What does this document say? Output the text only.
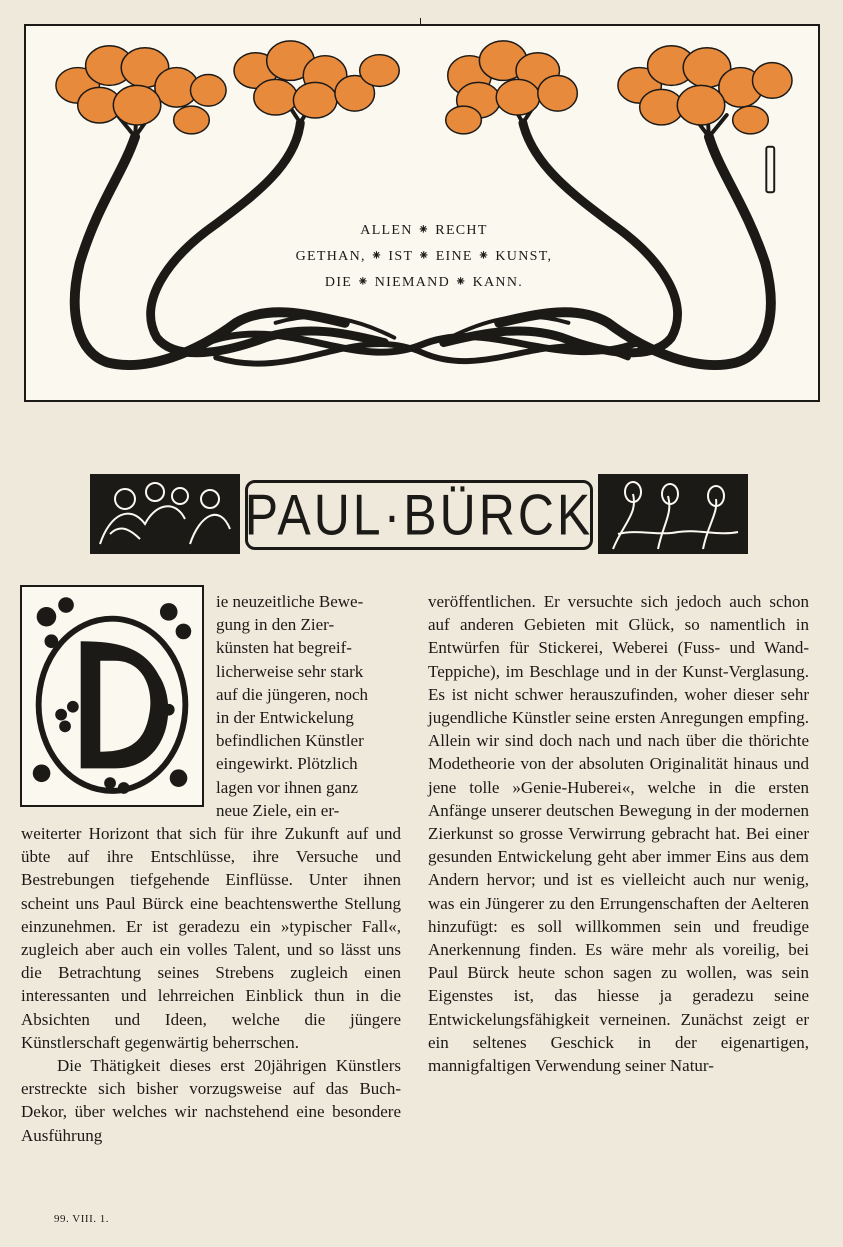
ALLEN ⁕ RECHT
GETHAN, ⁕ IST ⁕ EINE ⁕ KUNST,
DIE ⁕ NIEMAND ⁕ KANN.
PAUL·BÜRCK
ie neuzeitliche Bewe-
gung in den Zier-
künsten hat begreif-
licherweise sehr stark
auf die jüngeren, noch
in der Entwickelung
befindlichen Künstler
eingewirkt. Plötzlich
lagen vor ihnen ganz
neue Ziele, ein er-

weiterter Horizont that sich für ihre Zukunft auf und übte auf ihre Entschlüsse, ihre Versuche und Bestrebungen tiefgehende Einflüsse. Unter ihnen scheint uns Paul Bürck eine beachtenswerthe Stellung einzunehmen. Er ist geradezu ein »typischer Fall«, zugleich aber auch ein volles Talent, und so lässt uns die Betrachtung seines Strebens zugleich einen interessanten und lehrreichen Einblick thun in die Absichten und Ideen, welche die jüngere Künstlerschaft gegenwärtig beherrschen.

Die Thätigkeit dieses erst 20jährigen Künstlers erstreckte sich bisher vorzugsweise auf das Buch-Dekor, über welches wir nachstehend eine besondere Ausführung

veröffentlichen. Er versuchte sich jedoch auch schon auf anderen Gebieten mit Glück, so namentlich in Entwürfen für Stickerei, Weberei (Fuss- und Wand-Teppiche), im Beschlage und in der Kunst-Verglasung. Es ist nicht schwer herauszufinden, woher dieser sehr jugendliche Künstler seine ersten Anregungen empfing. Allein wir sind doch nach und nach über die thörichte Modetheorie von der absoluten Originalität hinaus und jene tolle »Genie-Huberei«, welche in die ersten Anfänge unserer deutschen Bewegung in der modernen Zierkunst so grosse Verwirrung gebracht hat. Bei einer gesunden Entwickelung geht aber immer Eins aus dem Andern hervor; und ist es vielleicht auch nur wenig, was ein Jüngerer zu den Errungenschaften der Aelteren hinzufügt: es soll willkommen sein und freudige Anerkennung finden. Es wäre mehr als voreilig, bei Paul Bürck heute schon sagen zu wollen, was sein Eigenstes ist, das hiesse ja geradezu seine Entwickelungsfähigkeit verneinen. Zunächst zeigt er ein seltenes Geschick in der eigenartigen, mannigfaltigen Verwendung seiner Natur-

99. VIII. 1.
